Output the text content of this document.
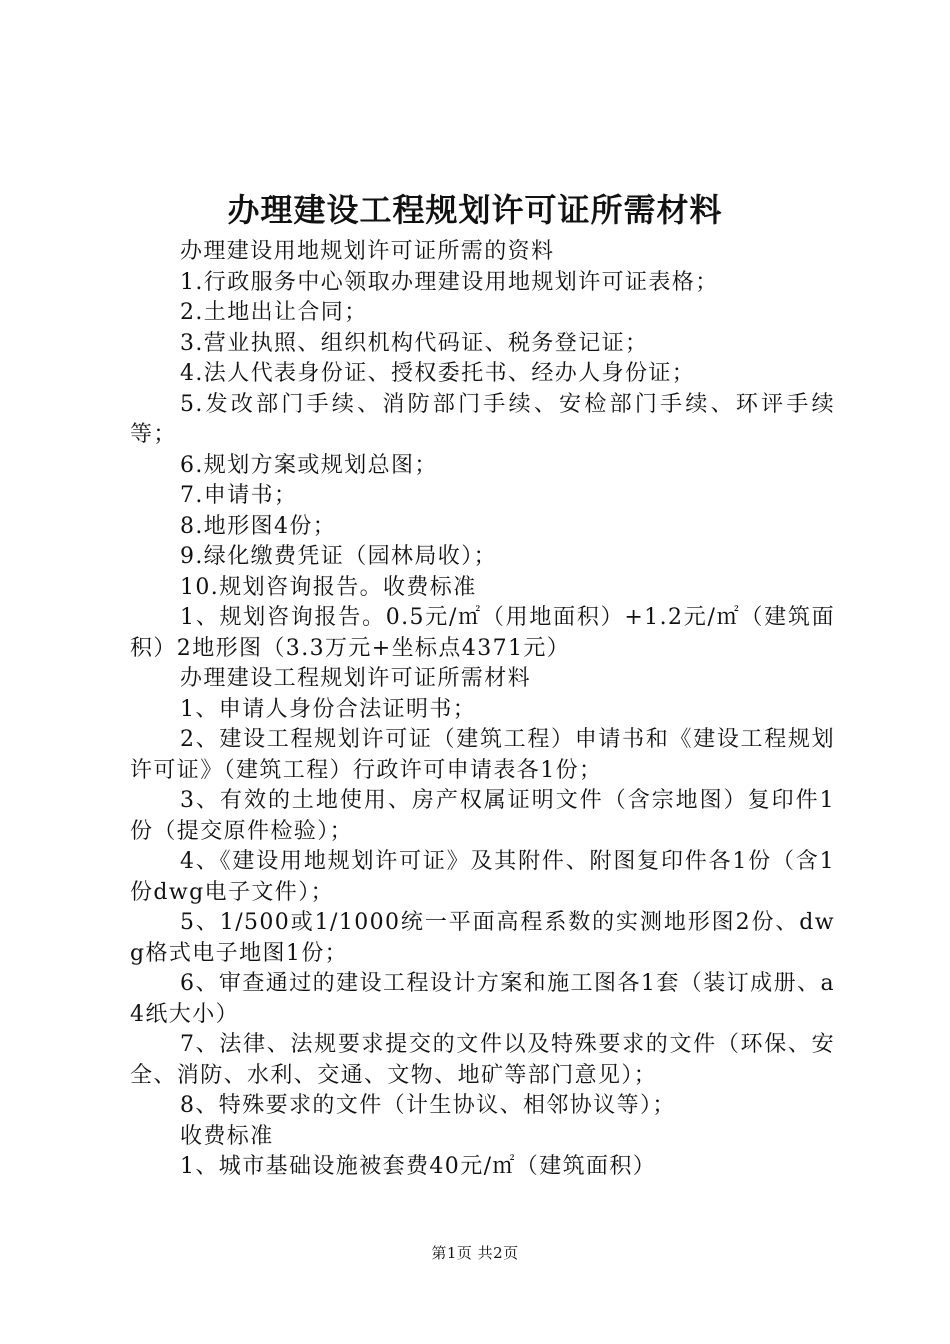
办理建设工程规划许可证所需材料

办理建设用地规划许可证所需的资料

1.行政服务中心领取办理建设用地规划许可证表格；

2.土地出让合同；

3.营业执照、组织机构代码证、税务登记证；

4.法人代表身份证、授权委托书、经办人身份证；

5.发改部门手续、消防部门手续、安检部门手续、环评手续等；

6.规划方案或规划总图；

7.申请书；

8.地形图4份；

9.绿化缴费凭证（园林局收）；

10.规划咨询报告。收费标准

1、规划咨询报告。0.5元/㎡（用地面积）+1.2元/㎡（建筑面积）2地形图（3.3万元+坐标点4371元）

办理建设工程规划许可证所需材料

1、申请人身份合法证明书；

2、建设工程规划许可证（建筑工程）申请书和《建设工程规划许可证》（建筑工程）行政许可申请表各1份；

3、有效的土地使用、房产权属证明文件（含宗地图）复印件1份（提交原件检验）；

4、《建设用地规划许可证》及其附件、附图复印件各1份（含1份dwg电子文件）；

5、1/500或1/1000统一平面高程系数的实测地形图2份、dwg格式电子地图1份；

6、审查通过的建设工程设计方案和施工图各1套（装订成册、a4纸大小）

7、法律、法规要求提交的文件以及特殊要求的文件（环保、安全、消防、水利、交通、文物、地矿等部门意见）；

8、特殊要求的文件（计生协议、相邻协议等）；

收费标准

1、城市基础设施被套费40元/㎡（建筑面积）

第1页 共2页
